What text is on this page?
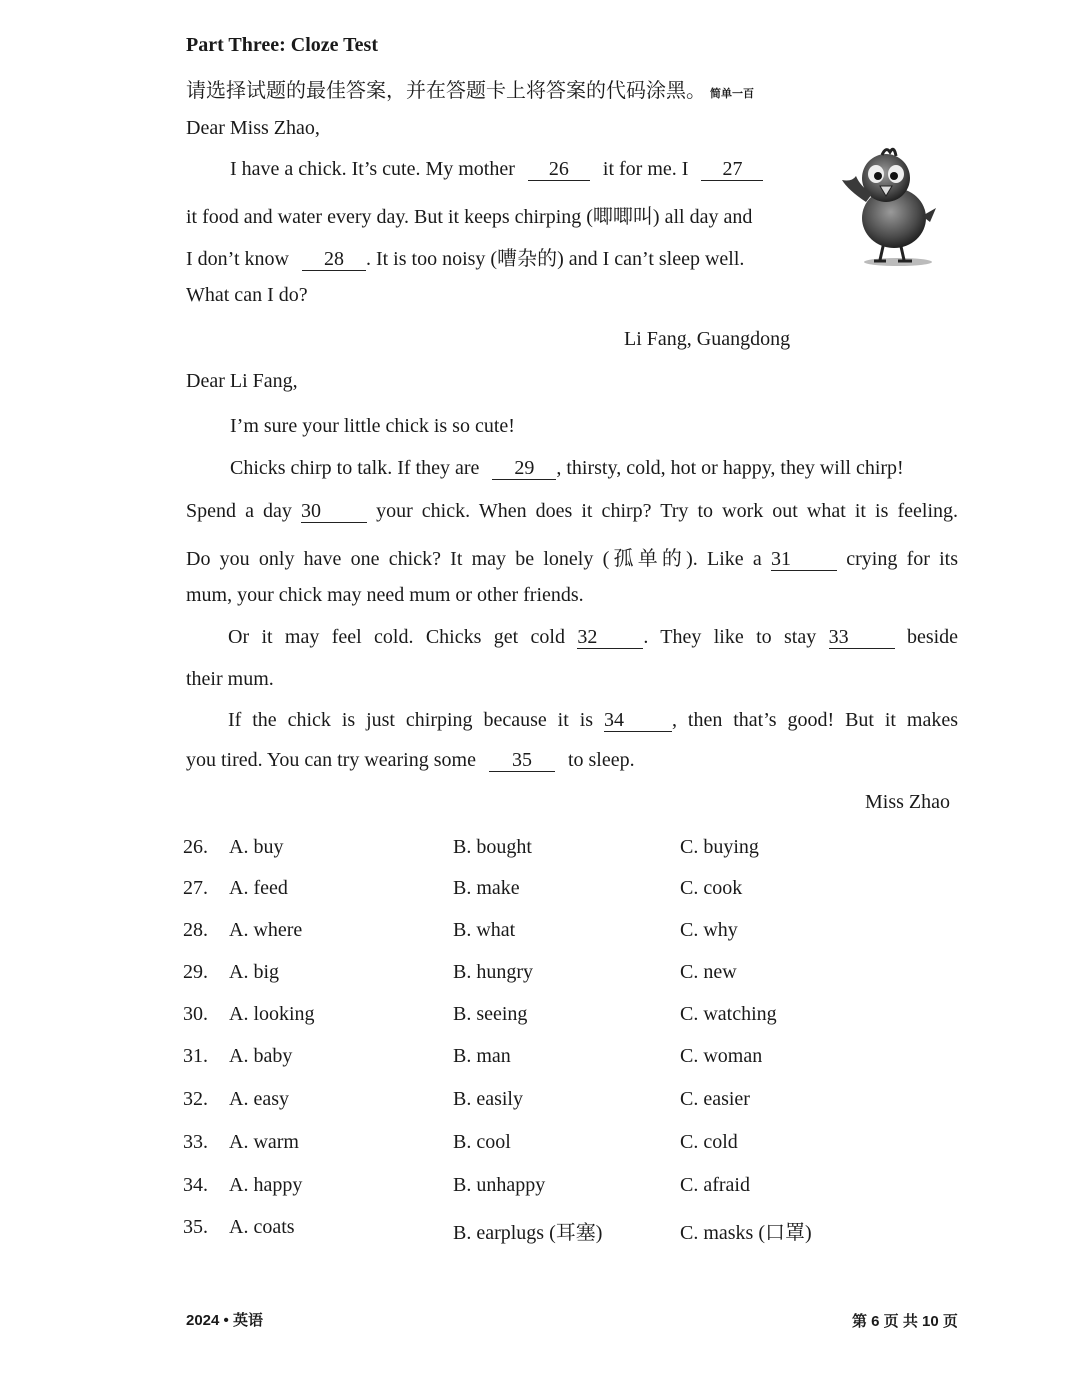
Part Three: Cloze Test
请选择试题的最佳答案，并在答题卡上将答案的代码涂黑。 简单一百
Dear Miss Zhao,
I have a chick. It’s cute. My mother 26 it for me. I 27
it food and water every day. But it keeps chirping (唧唧叫) all day and
I don’t know 28 . It is too noisy (嘈杂的) and I can’t sleep well.
What can I do?
Li Fang, Guangdong
Dear Li Fang,
I’m sure your little chick is so cute!
Chicks chirp to talk. If they are 29 , thirsty, cold, hot or happy, they will chirp!
Spend a day 30	your chick. When does it chirp? Try to work out what it is feeling.
Do you only have one chick? It may be lonely (孤单的). Like a 31	crying for its
mum, your chick may need mum or other friends.
Or it may feel cold. Chicks get cold 32 . They like to stay 33	beside
their mum.
If the chick is just chirping because it is 34 , then that’s good! But it makes
you tired. You can try wearing some 35 to sleep.
Miss Zhao
26. A. buy	B. bought	C. buying
27. A. feed	B. make	C. cook
28. A. where	B. what	C. why
29. A. big	B. hungry	C. new
30. A. looking	B. seeing	C. watching
31. A. baby	B. man	C. woman
32. A. easy	B. easily	C. easier
33. A. warm	B. cool	C. cold
34. A. happy	B. unhappy	C. afraid
35. A. coats	B. earplugs (耳塞)	C. masks (口罩)
2024 • 英语	第 6 页 共 10 页
